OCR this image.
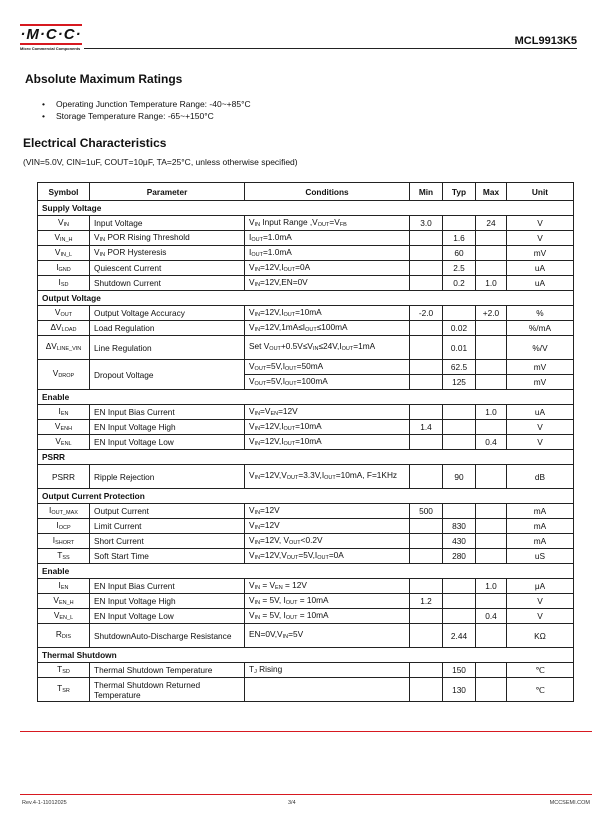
·M·C·C·
Micro Commercial Components
MCL9913K5
Absolute Maximum Ratings
• Operating Junction Temperature Range: -40~+85°C
• Storage Temperature Range: -65~+150°C
Electrical Characteristics
(VIN=5.0V, CIN=1uF, COUT=10μF, TA=25°C, unless otherwise specified)
Symbol	Parameter	Conditions	Min	Typ	Max	Unit
Supply Voltage						
$V_{IN}$	Input Voltage	$V_{IN}$ Input Range $,V_{OUT}=V_{FB}$	3.0		24	V
$V_{IN\_H}$	$V_{IN}$ POR Rising Threshold	$I_{OUT}=1.0mA$		1.6		V
$V_{IN\_L}$	$V_{IN}$ POR Hysteresis	$I_{OUT}=1.0mA$		60		mV
$I_{GND}$	Quiescent Current	$V_{IN}=12V,I_{OUT}=0A$		2.5		uA
$I_{SD}$	Shutdown Current	$V_{IN}=12V,EN=0V$		0.2	1.0	uA
Output Voltage						
$V_{OUT}$	Output Voltage Accuracy	$V_{IN}=12V,I_{OUT}=10mA$	-2.0		+2.0	%
$\Delta V_{LOAD}$	Load Regulation	$V_{IN}=12V,1mA\le I_{OUT}\le 100mA$		0.02		%/mA
$\Delta V_{LINE\_VIN}$	Line Regulation	Set $V_{OUT}+0.5V\le V_{IN}\le 24V,I_{OUT}=1mA$		0.01		%/V
$V_{DROP}$	Dropout Voltage	$V_{OUT}=5V,I_{OUT}=50mA$		62.5		mV
		$V_{OUT}=5V,I_{OUT}=100mA$		125		mV
Enable						
$I_{EN}$	EN Input Bias Current	$V_{IN}=V_{EN}=12V$			1.0	uA
$V_{ENH}$	EN Input Voltage High	$V_{IN}=12V,I_{OUT}=10mA$	1.4			V
$V_{ENL}$	EN Input Voltage Low	$V_{IN}=12V,I_{OUT}=10mA$			0.4	V
PSRR						
PSRR	Ripple Rejection	$V_{IN}=12V,V_{OUT}=3.3V,I_{OUT}=10mA$, F=1KHz		90		dB
Output Current Protection						
$I_{OUT\_MAX}$	Output Current	$V_{IN}=12V$	500			mA
$I_{OCP}$	Limit Current	$V_{IN}=12V$		830		mA
$I_{SHORT}$	Short Current	$V_{IN}=12V$, $V_{OUT}<0.2V$		430		mA
$T_{SS}$	Soft Start Time	$V_{IN}=12V,V_{OUT}=5V,I_{OUT}=0A$		280		uS
Enable						
$I_{EN}$	EN Input Bias Current	$V_{IN} = V_{EN} = 12V$			1.0	μA
$V_{EN\_H}$	EN Input Voltage High	$V_{IN} = 5V$, $I_{OUT} = 10mA$	1.2			V
$V_{EN\_L}$	EN Input Voltage Low	$V_{IN} = 5V$, $I_{OUT} = 10mA$			0.4	V
$R_{DIS}$	ShutdownAuto-Discharge Resistance	$EN=0V,V_{IN}=5V$		2.44		KΩ
Thermal Shutdown						
$T_{SD}$	Thermal Shutdown Temperature	$T_J$ Rising		150		℃
$T_{SR}$	Thermal Shutdown Returned Temperature			130		℃
Rev.4-1-11012025	3/4	MCCSEMI.COM
